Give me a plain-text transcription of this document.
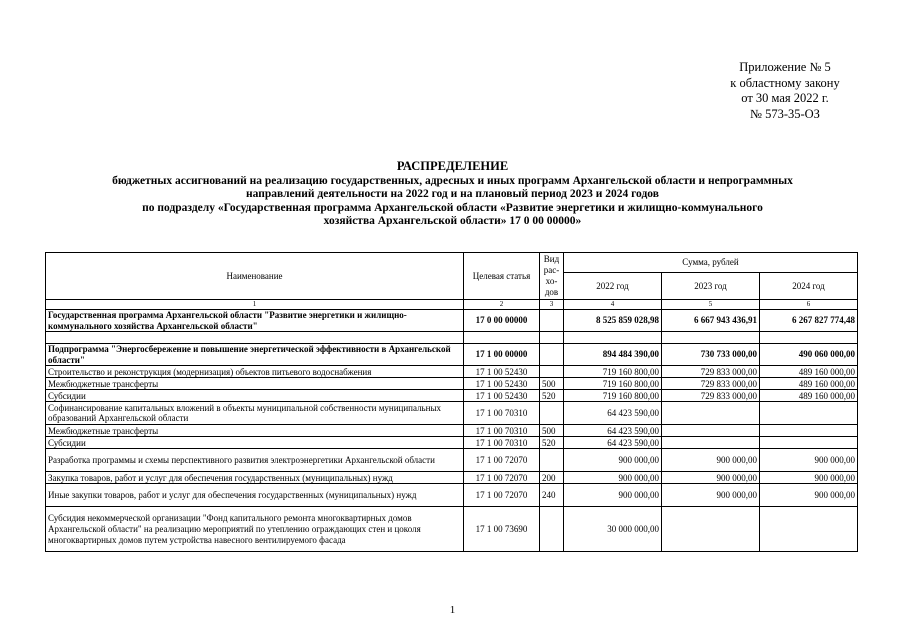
Приложение № 5
к областному закону
от 30 мая 2022 г.
№ 573-35-ОЗ
РАСПРЕДЕЛЕНИЕ
бюджетных ассигнований на реализацию государственных, адресных и иных программ Архангельской области и непрограммных
направлений деятельности на 2022 год и на плановый период 2023 и 2024 годов
по подразделу «Государственная программа Архангельской области «Развитие энергетики и жилищно-коммунального
хозяйства Архангельской области» 17 0 00 00000»
Наименование	Целевая статья	Вид рас- хо- дов	Сумма, рублей		
			2022 год	2023 год	2024 год
1	2	3	4	5	6
Государственная программа Архангельской области "Развитие энергетики и жилищно-коммунального хозяйства Архангельской области"	17 0 00 00000		8 525 859 028,98	6 667 943 436,91	6 267 827 774,48

Подпрограмма "Энергосбережение и повышение энергетической эффективности в Архангельской области"	17 1 00 00000		894 484 390,00	730 733 000,00	490 060 000,00
Строительство и реконструкция (модернизация) объектов питьевого водоснабжения	17 1 00 52430		719 160 800,00	729 833 000,00	489 160 000,00
Межбюджетные трансферты	17 1 00 52430	500	719 160 800,00	729 833 000,00	489 160 000,00
Субсидии	17 1 00 52430	520	719 160 800,00	729 833 000,00	489 160 000,00
Софинансирование капитальных вложений в объекты муниципальной собственности муниципальных образований Архангельской области	17 1 00 70310		64 423 590,00		
Межбюджетные трансферты	17 1 00 70310	500	64 423 590,00		
Субсидии	17 1 00 70310	520	64 423 590,00		
Разработка программы и схемы перспективного развития электроэнергетики Архангельской области	17 1 00 72070		900 000,00	900 000,00	900 000,00
Закупка товаров, работ и услуг для обеспечения государственных (муниципальных) нужд	17 1 00 72070	200	900 000,00	900 000,00	900 000,00
Иные закупки товаров, работ и услуг для обеспечения государственных (муниципальных) нужд	17 1 00 72070	240	900 000,00	900 000,00	900 000,00
Субсидия некоммерческой организации "Фонд капитального ремонта многоквартирных домов Архангельской области" на реализацию мероприятий по утеплению ограждающих стен и цоколя многоквартирных домов путем устройства навесного вентилируемого фасада	17 1 00 73690		30 000 000,00		
1
